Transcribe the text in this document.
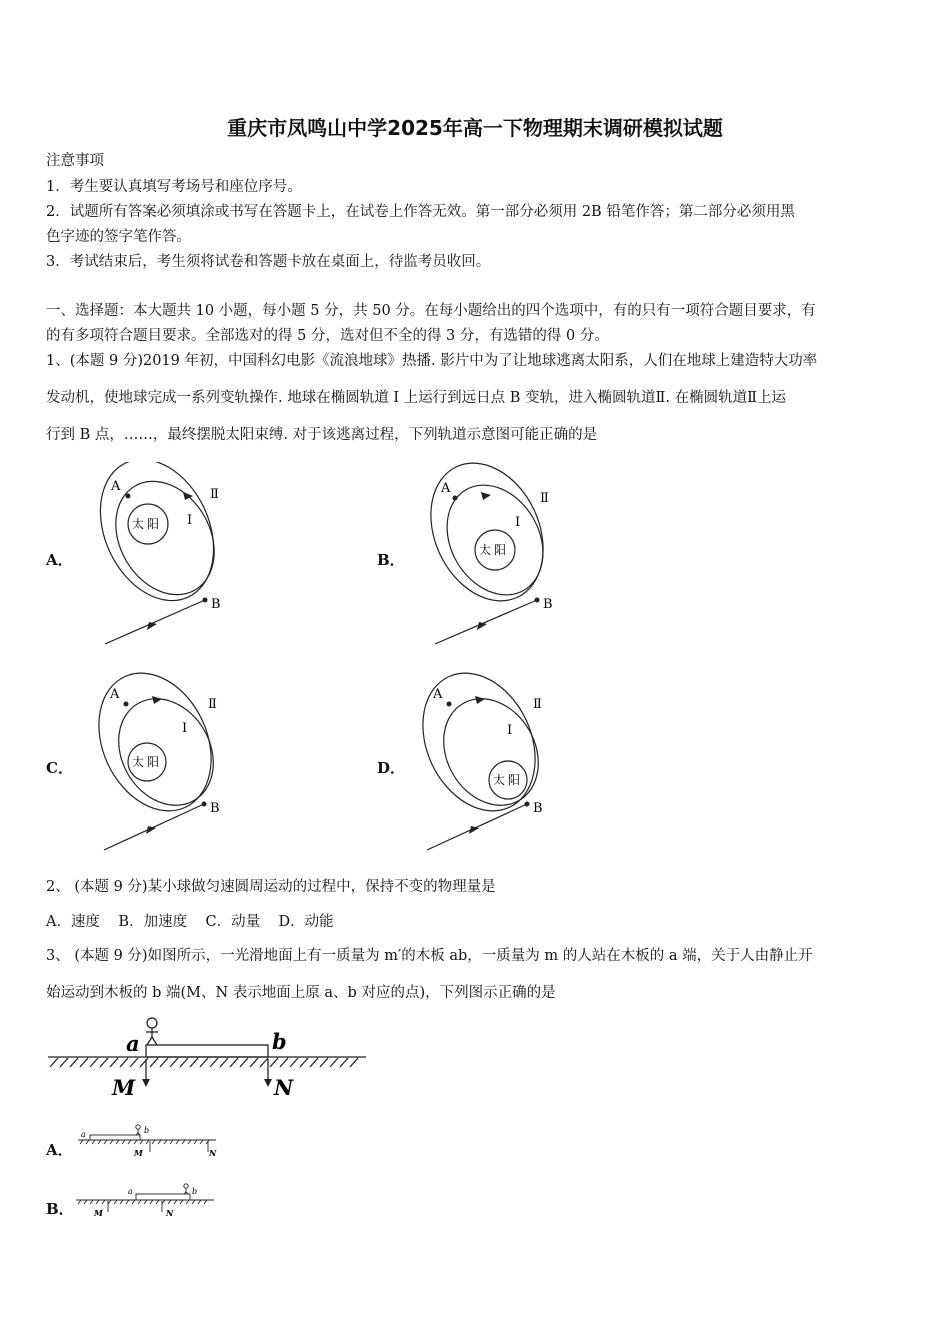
重庆市凤鸣山中学2025年高一下物理期末调研模拟试题
注意事项
1．考生要认真填写考场号和座位序号。
2．试题所有答案必须填涂或书写在答题卡上，在试卷上作答无效。第一部分必须用 2B 铅笔作答；第二部分必须用黑
色字迹的签字笔作答。
3．考试结束后，考生须将试卷和答题卡放在桌面上，待监考员收回。
一、选择题：本大题共 10 小题，每小题 5 分，共 50 分。在每小题给出的四个选项中，有的只有一项符合题目要求，有
的有多项符合题目要求。全部选对的得 5 分，选对但不全的得 3 分，有选错的得 0 分。
1、(本题 9 分)2019 年初，中国科幻电影《流浪地球》热播. 影片中为了让地球逃离太阳系，人们在地球上建造特大功率
发动机，使地球完成一系列变轨操作. 地球在椭圆轨道 I 上运行到远日点 B 变轨，进入椭圆轨道Ⅱ. 在椭圆轨道Ⅱ上运
行到 B 点，……，最终摆脱太阳束缚. 对于该逃离过程，下列轨道示意图可能正确的是
A．
A
B
I
Ⅱ
太 阳
B．
A
B
I
Ⅱ
太 阳
C．
A
B
I
Ⅱ
太 阳	D．
A
B
I
Ⅱ
太 阳
2、 (本题 9 分)某小球做匀速圆周运动的过程中，保持不变的物理量是
A．速度    B．加速度    C．动量    D．动能
3、 (本题 9 分)如图所示，一光滑地面上有一质量为 m′的木板 ab，一质量为 m 的人站在木板的 a 端，关于人由静止开
始运动到木板的 b 端(M、N 表示地面上原 a、b 对应的点)，下列图示正确的是
a	b
M	N
A．
a	b
M	N
B．
a	b
M	N
